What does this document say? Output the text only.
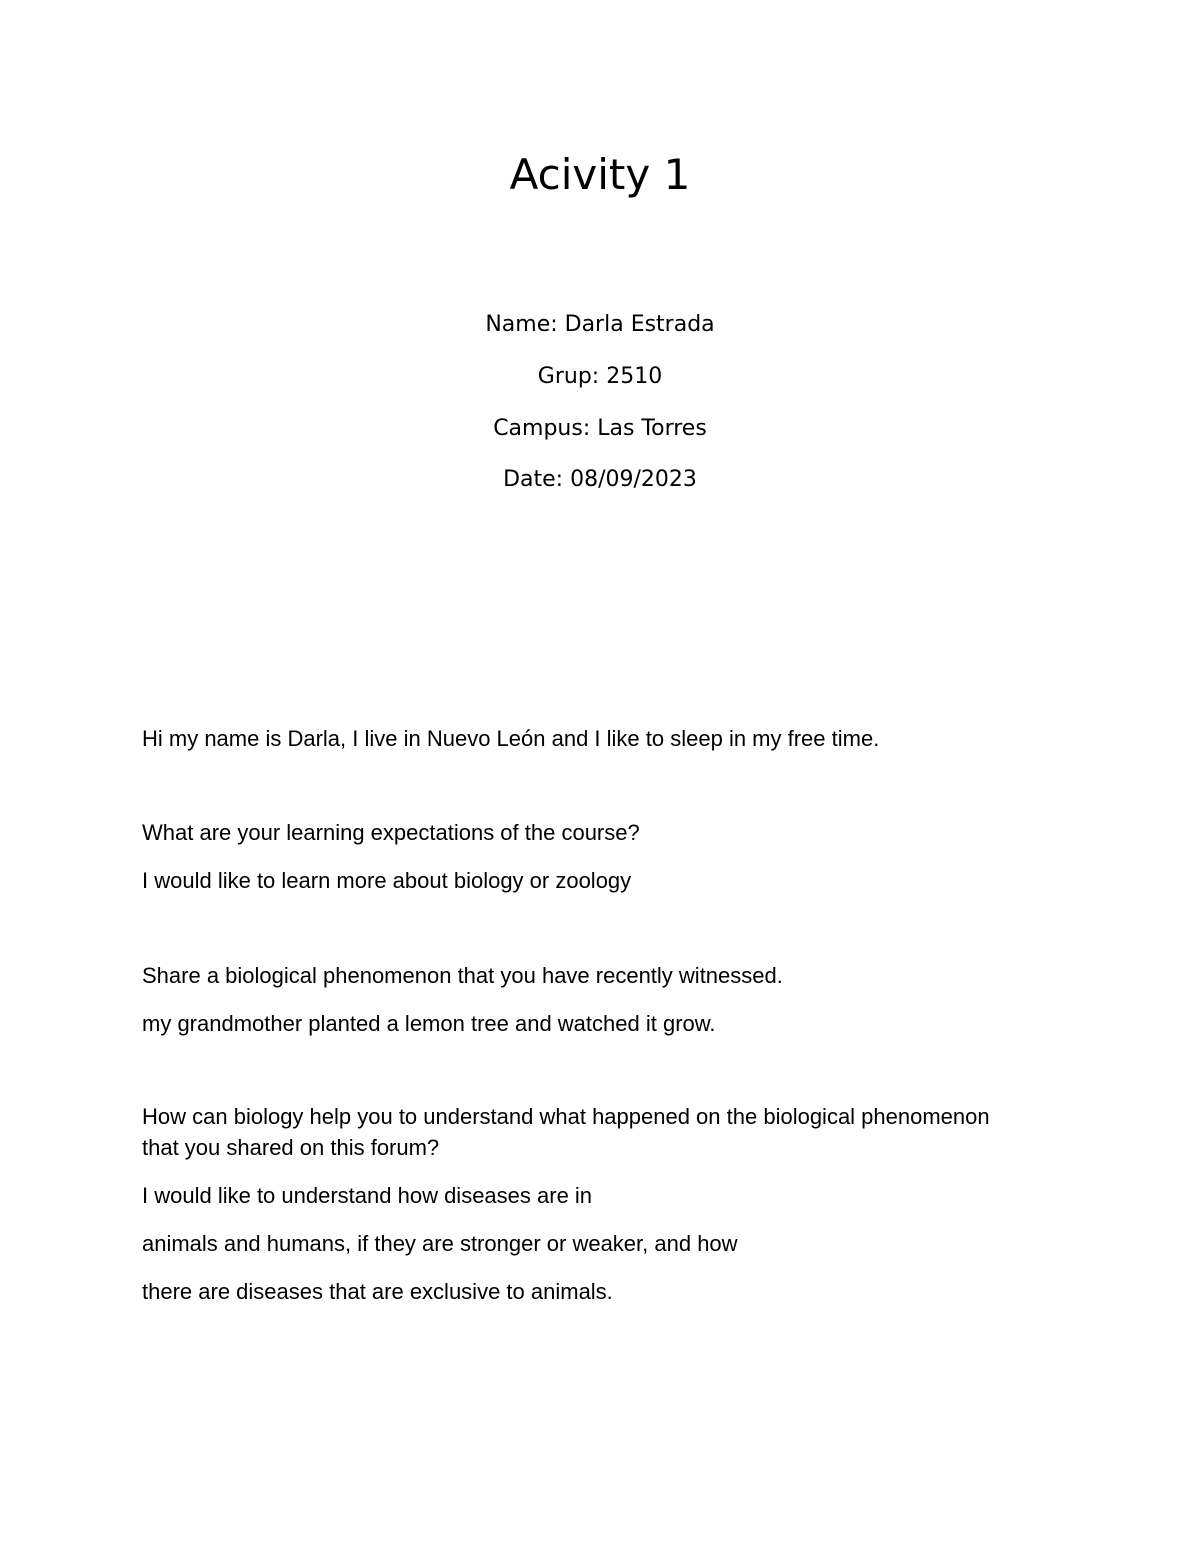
Acivity 1
Name: Darla Estrada
Grup: 2510
Campus: Las Torres
Date: 08/09/2023
Hi my name is Darla, I live in Nuevo León and I like to sleep in my free time.
What are your learning expectations of the course?
I would like to learn more about biology or zoology
Share a biological phenomenon that you have recently witnessed.
my grandmother planted a lemon tree and watched it grow.
How can biology help you to understand what happened on the biological phenomenon
that you shared on this forum?
I would like to understand how diseases are in
animals and humans, if they are stronger or weaker, and how
there are diseases that are exclusive to animals.
